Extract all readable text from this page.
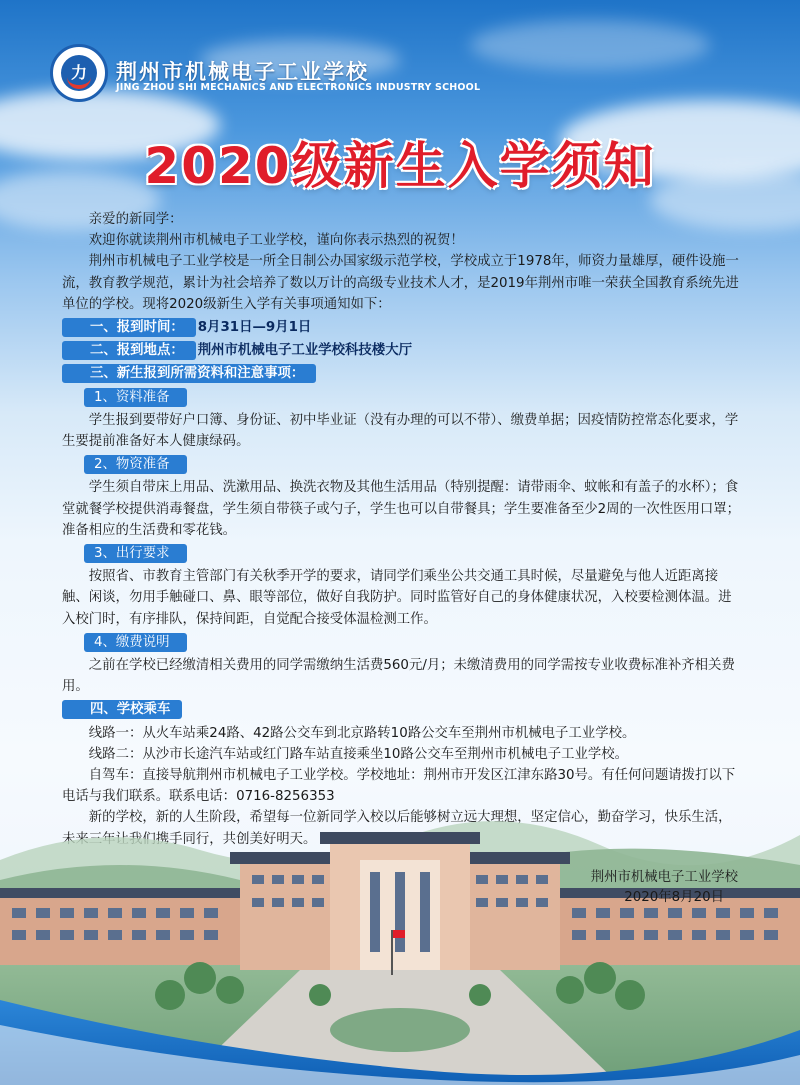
力	荆州市机械电子工业学校
JING ZHOU SHI MECHANICS AND ELECTRONICS INDUSTRY SCHOOL
2020级新生入学须知

亲爱的新同学：

欢迎你就读荆州市机械电子工业学校，谨向你表示热烈的祝贺！

荆州市机械电子工业学校是一所全日制公办国家级示范学校，学校成立于1978年，师资力量雄厚，硬件设施一流，教育教学规范，累计为社会培养了数以万计的高级专业技术人才，是2019年荆州市唯一荣获全国教育系统先进单位的学校。现将2020级新生入学有关事项通知如下：

一、报到时间： 8月31日—9月1日
二、报到地点： 荆州市机械电子工业学校科技楼大厅
三、新生报到所需资料和注意事项：
1、资料准备

学生报到要带好户口簿、身份证、初中毕业证（没有办理的可以不带）、缴费单据；因疫情防控常态化要求，学生要提前准备好本人健康绿码。

2、物资准备

学生须自带床上用品、洗漱用品、换洗衣物及其他生活用品（特别提醒：请带雨伞、蚊帐和有盖子的水杯）；食堂就餐学校提供消毒餐盘，学生须自带筷子或勺子，学生也可以自带餐具；学生要准备至少2周的一次性医用口罩；准备相应的生活费和零花钱。

3、出行要求

按照省、市教育主管部门有关秋季开学的要求，请同学们乘坐公共交通工具时候，尽量避免与他人近距离接触、闲谈，勿用手触碰口、鼻、眼等部位，做好自我防护。同时监管好自己的身体健康状况，入校要检测体温。进入校门时，有序排队，保持间距，自觉配合接受体温检测工作。

4、缴费说明

之前在学校已经缴清相关费用的同学需缴纳生活费560元/月；未缴清费用的同学需按专业收费标准补齐相关费用。

四、学校乘车

线路一：从火车站乘24路、42路公交车到北京路转10路公交车至荆州市机械电子工业学校。

线路二：从沙市长途汽车站或红门路车站直接乘坐10路公交车至荆州市机械电子工业学校。

自驾车：直接导航荆州市机械电子工业学校。学校地址：荆州市开发区江津东路30号。有任何问题请拨打以下电话与我们联系。联系电话：0716-8256353

新的学校，新的人生阶段，希望每一位新同学入校以后能够树立远大理想，坚定信心，勤奋学习，快乐生活，未来三年让我们携手同行，共创美好明天。

荆州市机械电子工业学校
2020年8月20日
